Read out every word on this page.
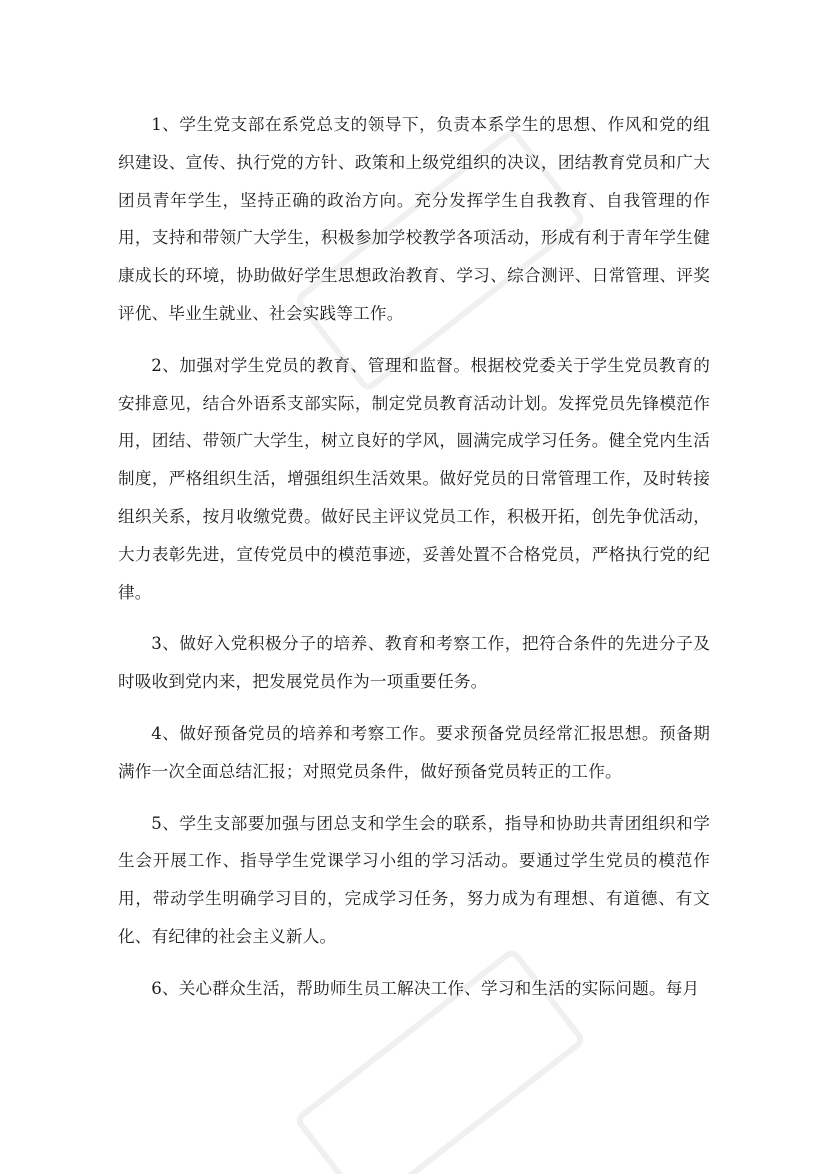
1、学生党支部在系党总支的领导下，负责本系学生的思想、作风和党的组织建设、宣传、执行党的方针、政策和上级党组织的决议，团结教育党员和广大团员青年学生，坚持正确的政治方向。充分发挥学生自我教育、自我管理的作用，支持和带领广大学生，积极参加学校教学各项活动，形成有利于青年学生健康成长的环境，协助做好学生思想政治教育、学习、综合测评、日常管理、评奖评优、毕业生就业、社会实践等工作。

2、加强对学生党员的教育、管理和监督。根据校党委关于学生党员教育的安排意见，结合外语系支部实际，制定党员教育活动计划。发挥党员先锋模范作用，团结、带领广大学生，树立良好的学风，圆满完成学习任务。健全党内生活制度，严格组织生活，增强组织生活效果。做好党员的日常管理工作，及时转接组织关系，按月收缴党费。做好民主评议党员工作，积极开拓，创先争优活动，大力表彰先进，宣传党员中的模范事迹，妥善处置不合格党员，严格执行党的纪律。

3、做好入党积极分子的培养、教育和考察工作，把符合条件的先进分子及时吸收到党内来，把发展党员作为一项重要任务。

4、做好预备党员的培养和考察工作。要求预备党员经常汇报思想。预备期满作一次全面总结汇报；对照党员条件，做好预备党员转正的工作。

5、学生支部要加强与团总支和学生会的联系，指导和协助共青团组织和学生会开展工作、指导学生党课学习小组的学习活动。要通过学生党员的模范作用，带动学生明确学习目的，完成学习任务，努力成为有理想、有道德、有文化、有纪律的社会主义新人。

6、关心群众生活，帮助师生员工解决工作、学习和生活的实际问题。每月
